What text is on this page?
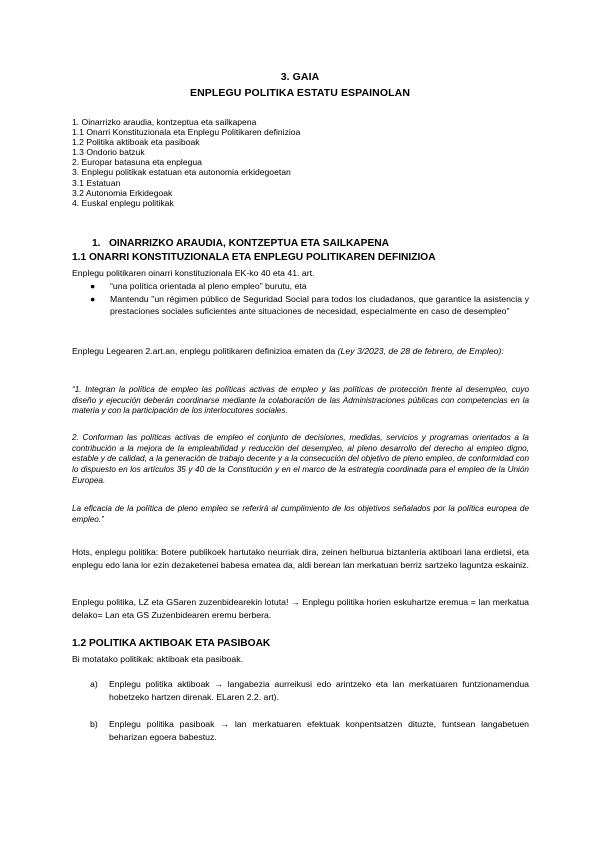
3. GAIA
ENPLEGU POLITIKA ESTATU ESPAINOLAN
1. Oinarrizko araudia, kontzeptua eta sailkapena
1.1 Onarri Konstituzionala eta Enplegu Politikaren definizioa
1.2 Politika aktiboak eta pasiboak
1.3 Ondorio batzuk
2. Europar batasuna eta enplegua
3. Enplegu politikak estatuan eta autonomia erkidegoetan
3.1 Estatuan
3.2 Autonomia Erkidegoak
4. Euskal enplegu politikak
1. OINARRIZKO ARAUDIA, KONTZEPTUA ETA SAILKAPENA
1.1 ONARRI KONSTITUZIONALA ETA ENPLEGU POLITIKAREN DEFINIZIOA
Enplegu politikaren oinarri konstituzionala EK-ko 40 eta 41. art.
● “una política orientada al pleno empleo” burutu, eta
● Mantendu "un régimen público de Seguridad Social para todos los ciudadanos, que garantice la asistencia y prestaciones sociales suficientes ante situaciones de necesidad, especialmente en caso de desempleo"
Enplegu Legearen 2.art.an, enplegu politikaren definizioa ematen da (Ley 3/2023, de 28 de febrero, de Empleo):
“1. Integran la política de empleo las políticas activas de empleo y las políticas de protección frente al desempleo, cuyo diseño y ejecución deberán coordinarse mediante la colaboración de las Administraciones públicas con competencias en la materia y con la participación de los interlocutores sociales.
2. Conforman las políticas activas de empleo el conjunto de decisiones, medidas, servicios y programas orientados a la contribución a la mejora de la empleabilidad y reducción del desempleo, al pleno desarrollo del derecho al empleo digno, estable y de calidad, a la generación de trabajo decente y a la consecución del objetivo de pleno empleo, de conformidad con lo dispuesto en los artículos 35 y 40 de la Constitución y en el marco de la estrategia coordinada para el empleo de la Unión Europea.
La eficacia de la política de pleno empleo se referirá al cumplimiento de los objetivos señalados por la política europea de empleo.”
Hots, enplegu politika: Botere publikoek hartutako neurriak dira, zeinen helburua biztanleria aktiboari lana erdietsi, eta enplegu edo lana lor ezin dezaketenei babesa ematea da, aldi berean lan merkatuan berriz sartzeko laguntza eskainiz.
Enplegu politika, LZ eta GSaren zuzenbidearekin lotuta! → Enplegu politika horien eskuhartze eremua = lan merkatua delako= Lan eta GS Zuzenbidearen eremu berbera.
1.2 POLITIKA AKTIBOAK ETA PASIBOAK
Bi motatako politikak: aktiboak eta pasiboak.
a) Enplegu politika aktiboak → langabezia aurreikusi edo arintzeko eta lan merkatuaren funtzionamendua hobetzeko hartzen direnak. ELaren 2.2. art).
b) Enplegu politika pasiboak → lan merkatuaren efektuak konpentsatzen dituzte, funtsean langabetuen beharizan egoera babestuz.
